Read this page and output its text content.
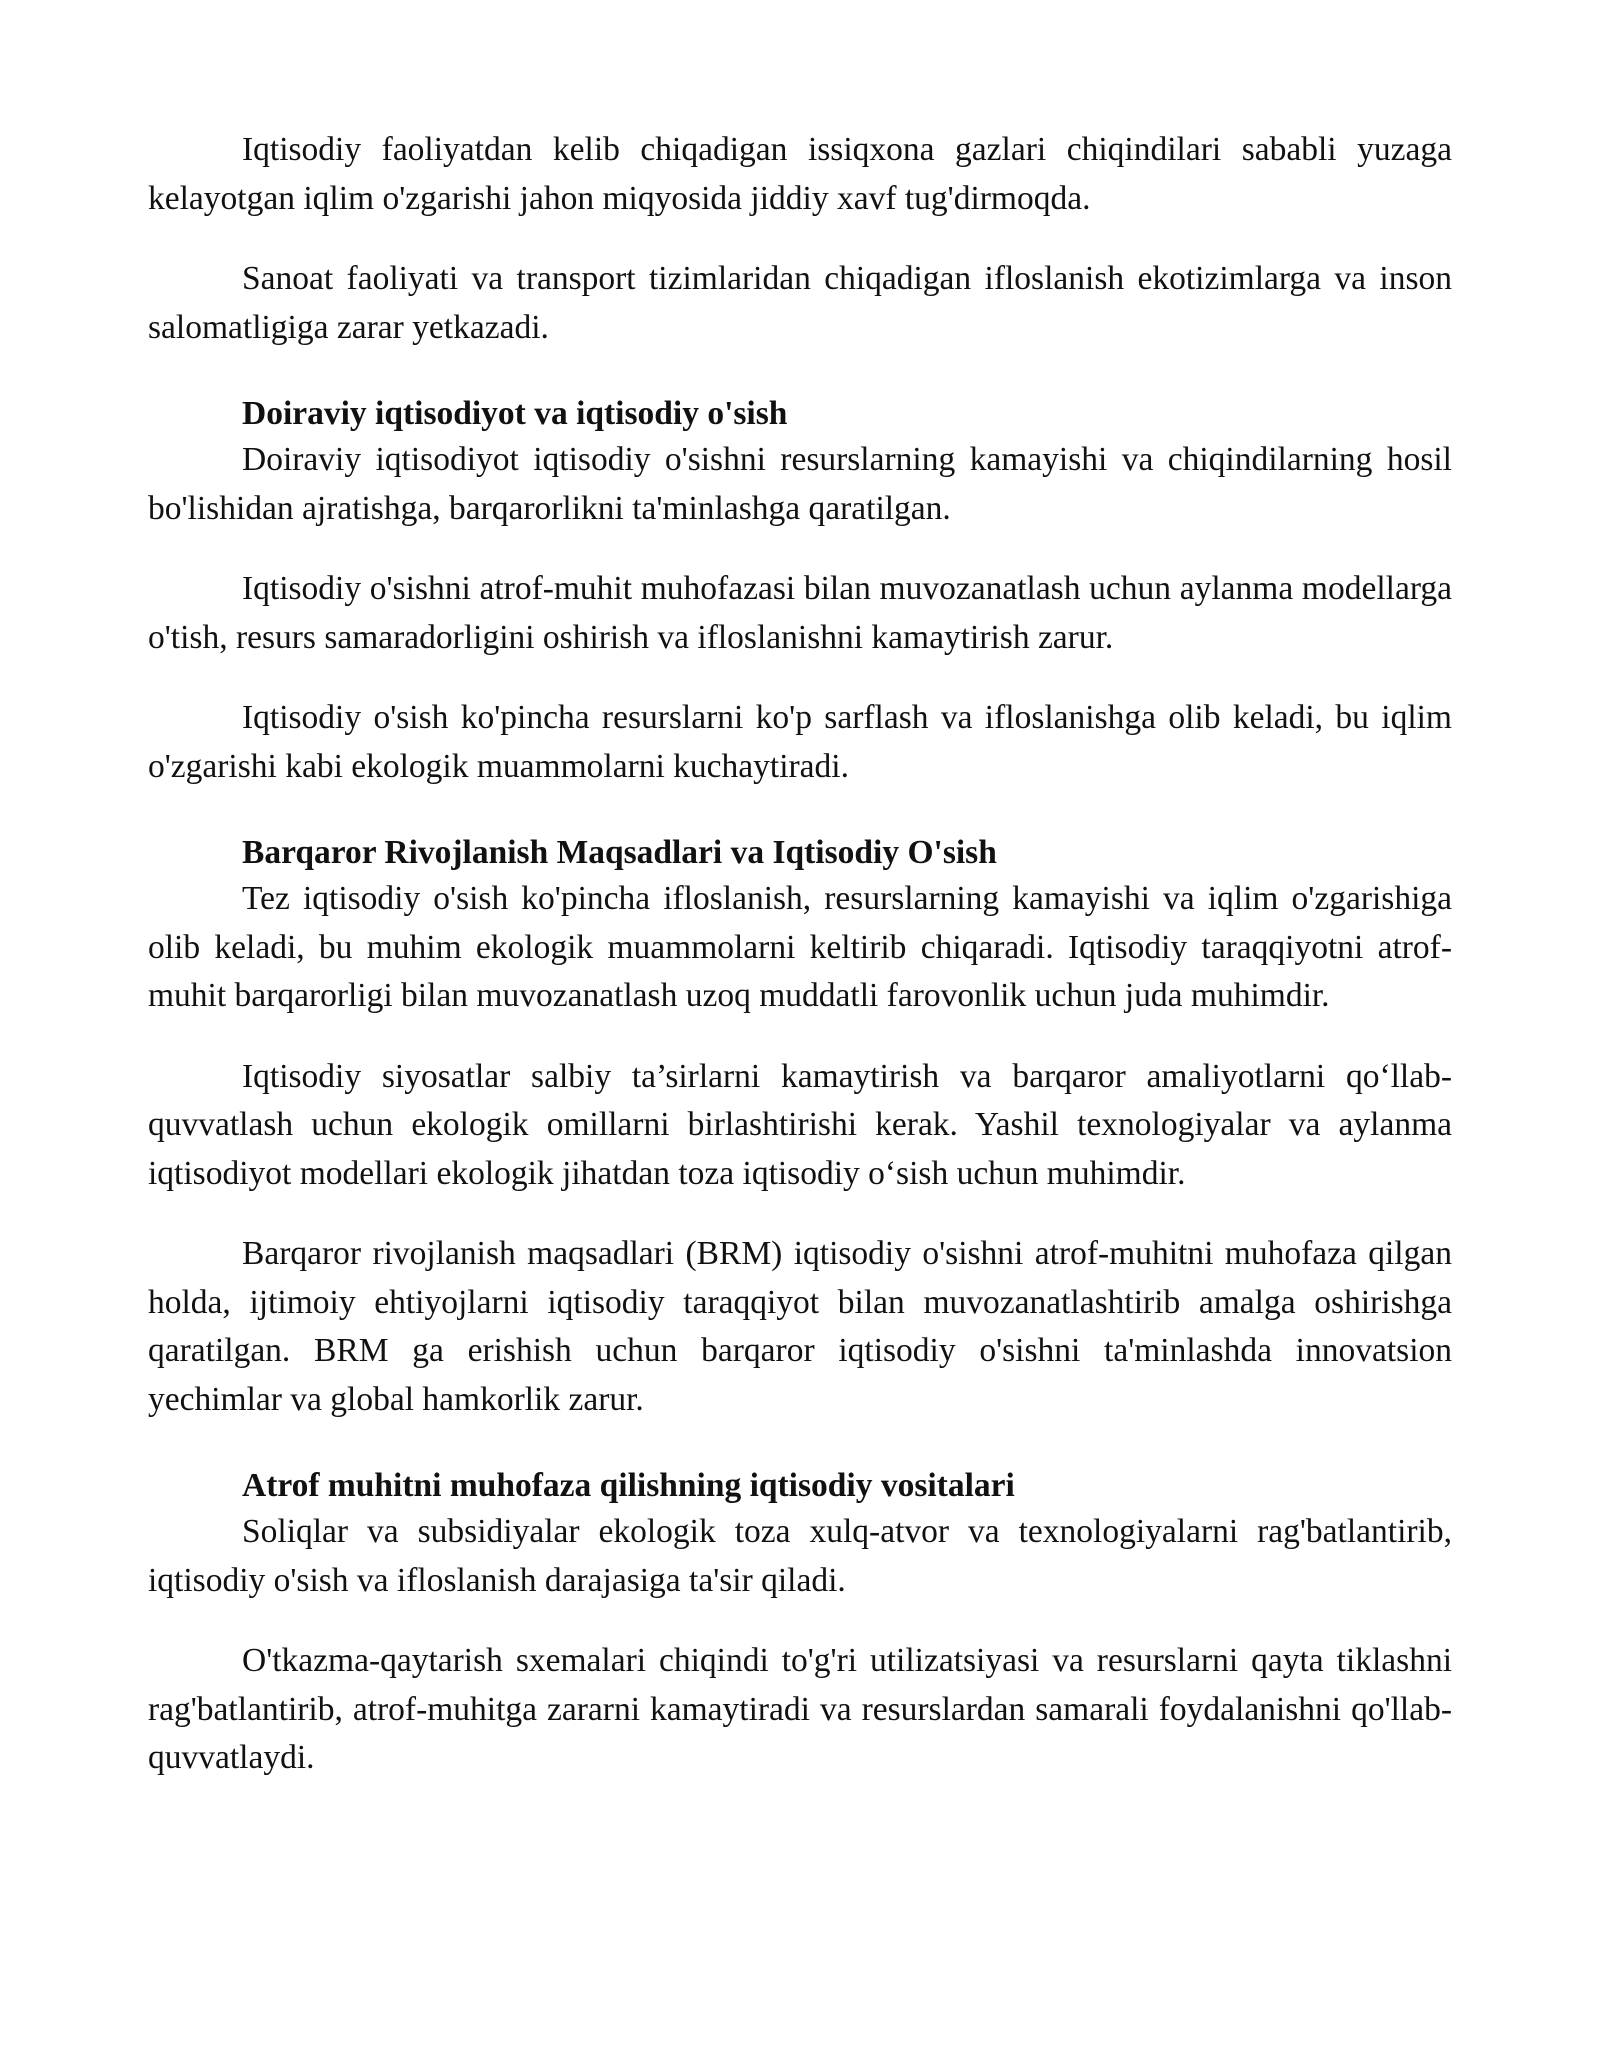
Iqtisodiy faoliyatdan kelib chiqadigan issiqxona gazlari chiqindilari sababli yuzaga kelayotgan iqlim o'zgarishi jahon miqyosida jiddiy xavf tug'dirmoqda.

Sanoat faoliyati va transport tizimlaridan chiqadigan ifloslanish ekotizimlarga va inson salomatligiga zarar yetkazadi.

Doiraviy iqtisodiyot va iqtisodiy o'sish

Doiraviy iqtisodiyot iqtisodiy o'sishni resurslarning kamayishi va chiqindilarning hosil bo'lishidan ajratishga, barqarorlikni ta'minlashga qaratilgan.

Iqtisodiy o'sishni atrof-muhit muhofazasi bilan muvozanatlash uchun aylanma modellarga o'tish, resurs samaradorligini oshirish va ifloslanishni kamaytirish zarur.

Iqtisodiy o'sish ko'pincha resurslarni ko'p sarflash va ifloslanishga olib keladi, bu iqlim o'zgarishi kabi ekologik muammolarni kuchaytiradi.

Barqaror Rivojlanish Maqsadlari va Iqtisodiy O'sish

Tez iqtisodiy o'sish ko'pincha ifloslanish, resurslarning kamayishi va iqlim o'zgarishiga olib keladi, bu muhim ekologik muammolarni keltirib chiqaradi. Iqtisodiy taraqqiyotni atrof-muhit barqarorligi bilan muvozanatlash uzoq muddatli farovonlik uchun juda muhimdir.

Iqtisodiy siyosatlar salbiy ta’sirlarni kamaytirish va barqaror amaliyotlarni qo‘llab-quvvatlash uchun ekologik omillarni birlashtirishi kerak. Yashil texnologiyalar va aylanma iqtisodiyot modellari ekologik jihatdan toza iqtisodiy o‘sish uchun muhimdir.

Barqaror rivojlanish maqsadlari (BRM) iqtisodiy o'sishni atrof-muhitni muhofaza qilgan holda, ijtimoiy ehtiyojlarni iqtisodiy taraqqiyot bilan muvozanatlashtirib amalga oshirishga qaratilgan. BRM ga erishish uchun barqaror iqtisodiy o'sishni ta'minlashda innovatsion yechimlar va global hamkorlik zarur.

Atrof muhitni muhofaza qilishning iqtisodiy vositalari

Soliqlar va subsidiyalar ekologik toza xulq-atvor va texnologiyalarni rag'batlantirib, iqtisodiy o'sish va ifloslanish darajasiga ta'sir qiladi.

O'tkazma-qaytarish sxemalari chiqindi to'g'ri utilizatsiyasi va resurslarni qayta tiklashni rag'batlantirib, atrof-muhitga zararni kamaytiradi va resurslardan samarali foydalanishni qo'llab-quvvatlaydi.
